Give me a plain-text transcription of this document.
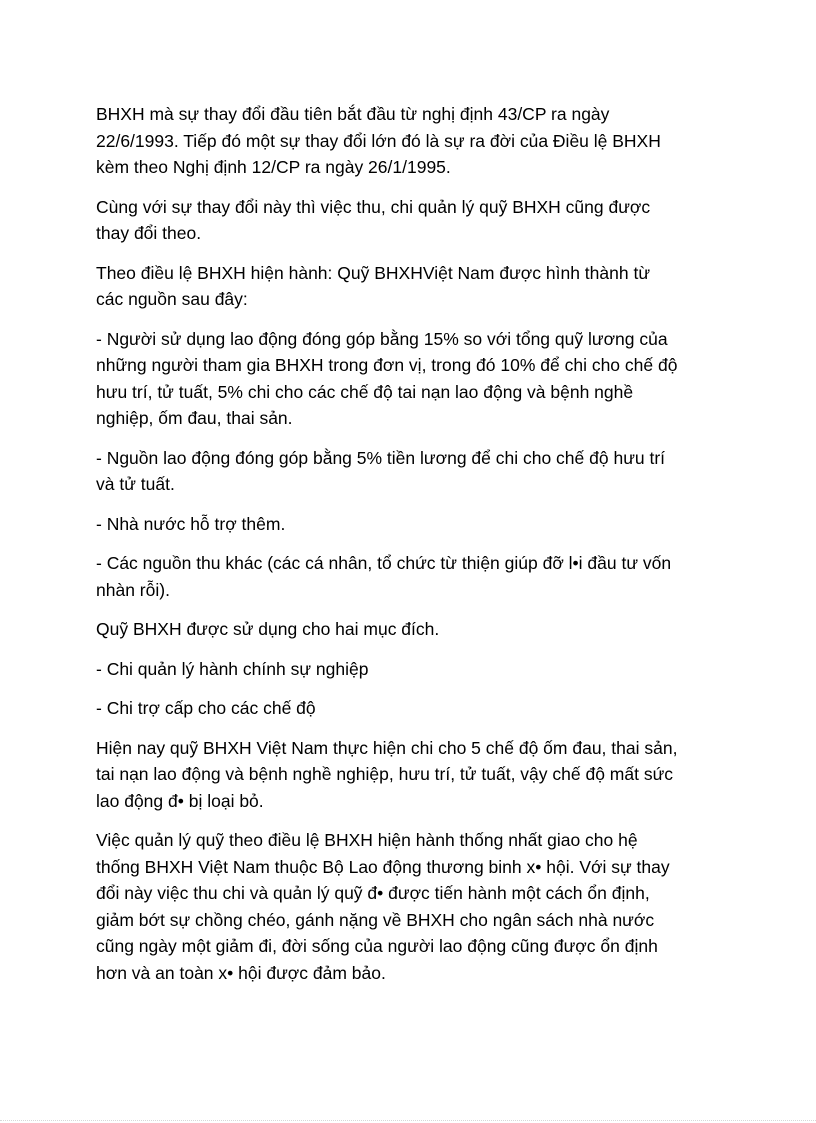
BHXH mà sự thay đổi đầu tiên bắt đầu từ nghị định 43/CP ra ngày
22/6/1993. Tiếp đó một sự thay đổi lớn đó là sự ra đời của Điều lệ BHXH
kèm theo Nghị định 12/CP ra ngày 26/1/1995.

Cùng với sự thay đổi này thì việc thu, chi quản lý quỹ BHXH cũng được
thay đổi theo.

Theo điều lệ BHXH hiện hành: Quỹ BHXHViệt Nam được hình thành từ
các nguồn sau đây:

- Người sử dụng lao động đóng góp bằng 15% so với tổng quỹ lương của
những người tham gia BHXH trong đơn vị, trong đó 10% để chi cho chế độ
hưu trí, tử tuất, 5% chi cho các chế độ tai nạn lao động và bệnh nghề
nghiệp, ốm đau, thai sản.

- Nguồn lao động đóng góp bằng 5% tiền lương để chi cho chế độ hưu trí
và tử tuất.

- Nhà nước hỗ trợ thêm.

- Các nguồn thu khác (các cá nhân, tổ chức từ thiện giúp đỡ l•i đầu tư vốn
nhàn rỗi).

Quỹ BHXH được sử dụng cho hai mục đích.

- Chi quản lý hành chính sự nghiệp

- Chi trợ cấp cho các chế độ

Hiện nay quỹ BHXH Việt Nam thực hiện chi cho 5 chế độ ốm đau, thai sản,
tai nạn lao động và bệnh nghề nghiệp, hưu trí, tử tuất, vậy chế độ mất sức
lao động đ• bị loại bỏ.

Việc quản lý quỹ theo điều lệ BHXH hiện hành thống nhất giao cho hệ
thống BHXH Việt Nam thuộc Bộ Lao động thương binh x• hội. Với sự thay
đổi này việc thu chi và quản lý quỹ đ• được tiến hành một cách ổn định,
giảm bớt sự chồng chéo, gánh nặng về BHXH cho ngân sách nhà nước
cũng ngày một giảm đi, đời sống của người lao động cũng được ổn định
hơn và an toàn x• hội được đảm bảo.
